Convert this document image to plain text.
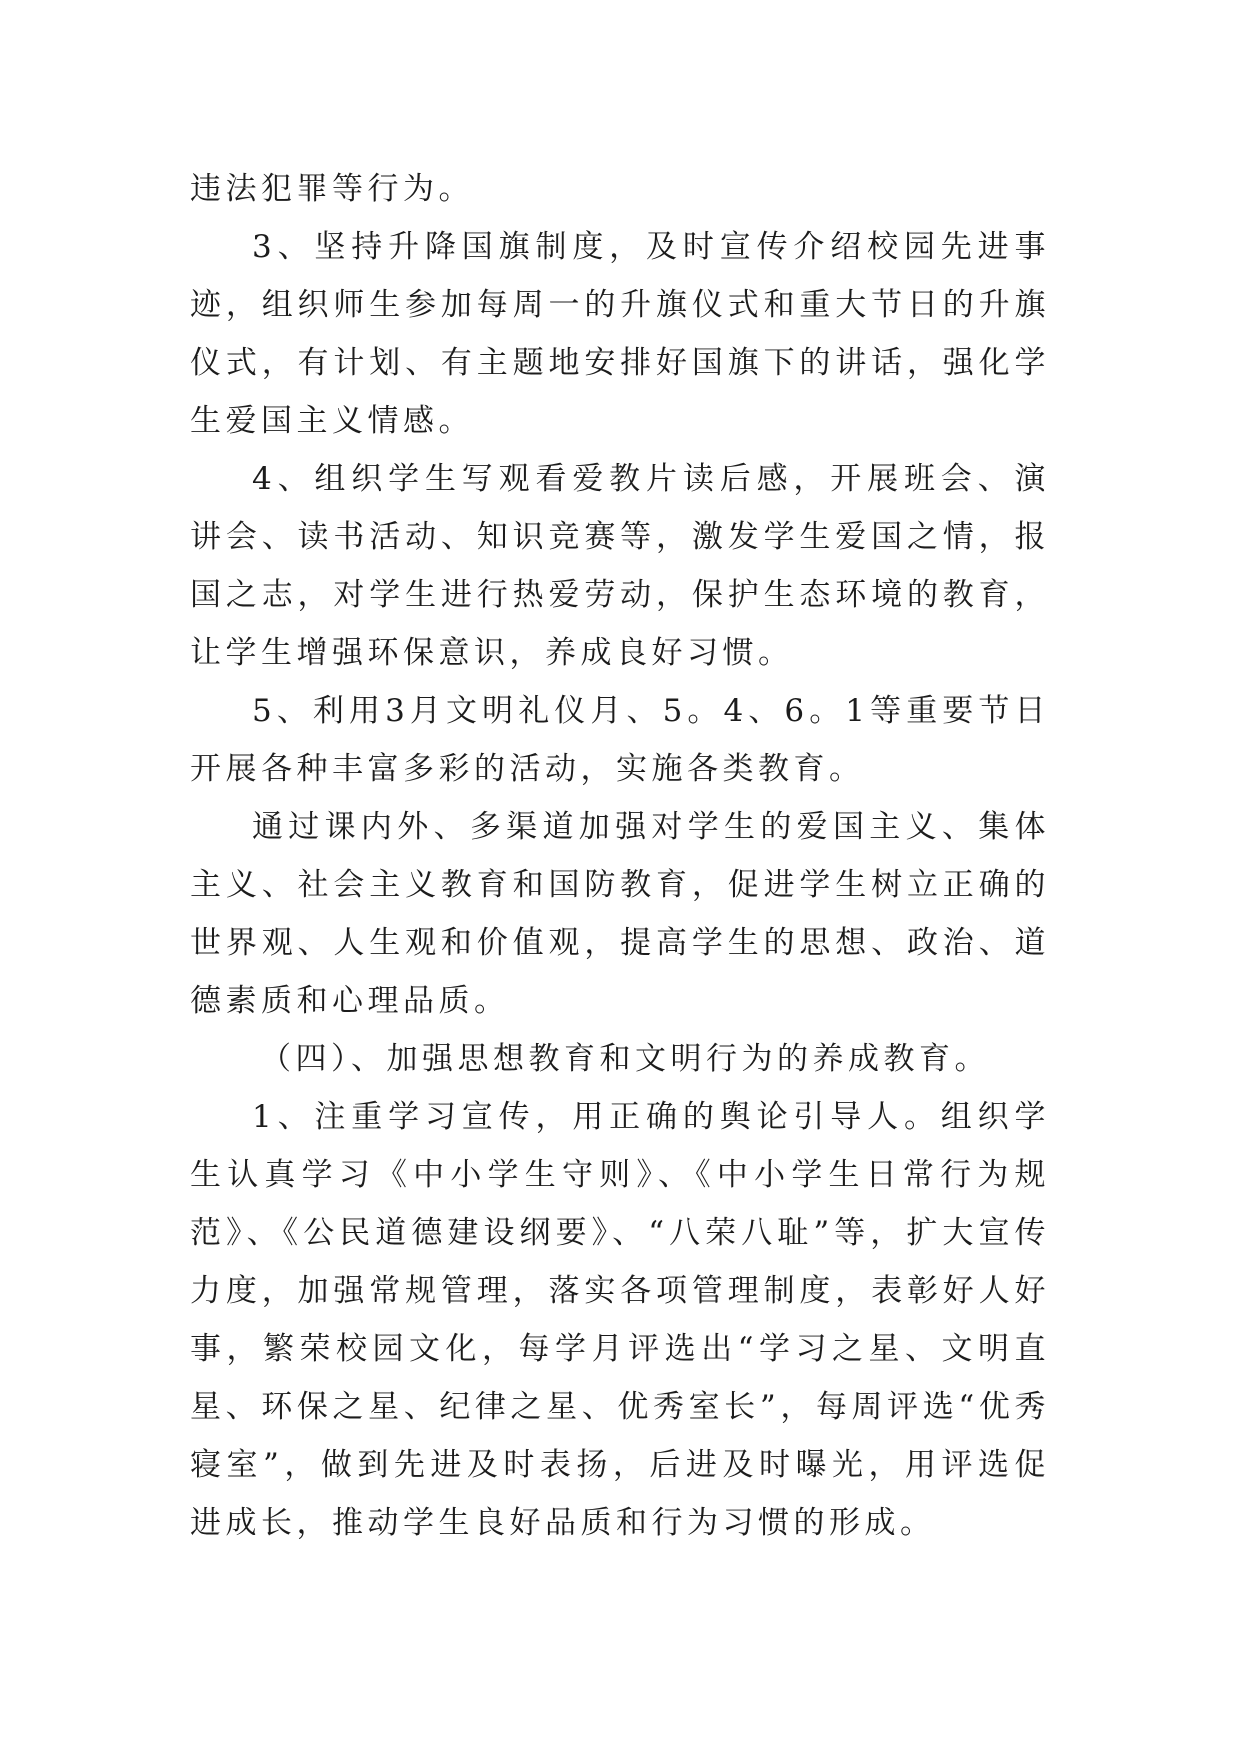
违法犯罪等行为。

3、坚持升降国旗制度，及时宣传介绍校园先进事迹，组织师生参加每周一的升旗仪式和重大节日的升旗仪式，有计划、有主题地安排好国旗下的讲话，强化学生爱国主义情感。

4、组织学生写观看爱教片读后感，开展班会、演讲会、读书活动、知识竞赛等，激发学生爱国之情，报国之志，对学生进行热爱劳动，保护生态环境的教育，让学生增强环保意识，养成良好习惯。

5、利用3月文明礼仪月、5。4、6。1等重要节日开展各种丰富多彩的活动，实施各类教育。

通过课内外、多渠道加强对学生的爱国主义、集体主义、社会主义教育和国防教育，促进学生树立正确的世界观、人生观和价值观，提高学生的思想、政治、道德素质和心理品质。

（四）、加强思想教育和文明行为的养成教育。

1、注重学习宣传，用正确的舆论引导人。组织学生认真学习《中小学生守则》、《中小学生日常行为规范》、《公民道德建设纲要》、“八荣八耻”等，扩大宣传力度，加强常规管理，落实各项管理制度，表彰好人好事，繁荣校园文化，每学月评选出“学习之星、文明直星、环保之星、纪律之星、优秀室长”，每周评选“优秀寝室”，做到先进及时表扬，后进及时曝光，用评选促进成长，推动学生良好品质和行为习惯的形成。
